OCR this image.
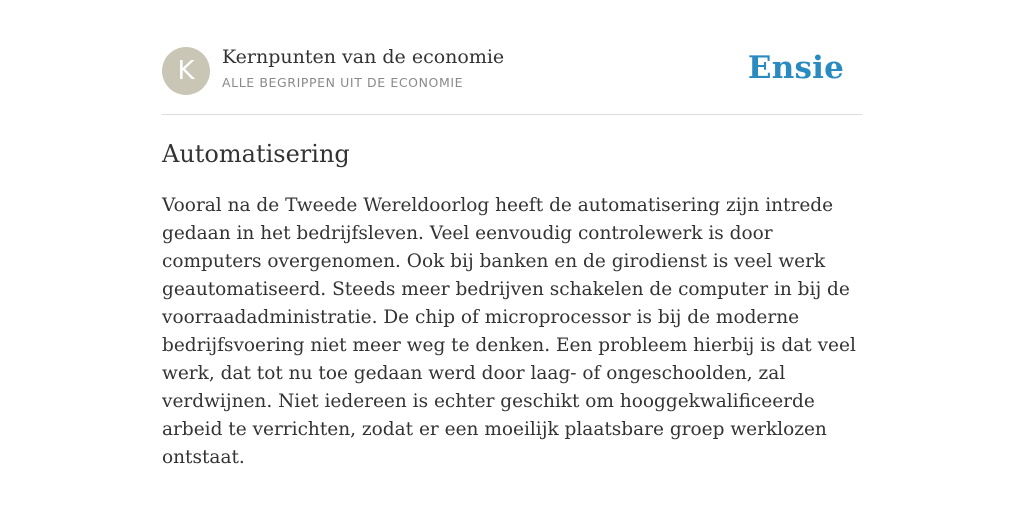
K	Kernpunten van de economie
ALLE BEGRIPPEN UIT DE ECONOMIE	Ensie
Automatisering

Vooral na de Tweede Wereldoorlog heeft de automatisering zijn intrede gedaan in het bedrijfsleven. Veel eenvoudig controlewerk is door computers overgenomen. Ook bij banken en de girodienst is veel werk geautomatiseerd. Steeds meer bedrijven schakelen de computer in bij de voorraadadministratie. De chip of microprocessor is bij de moderne bedrijfsvoering niet meer weg te denken. Een probleem hierbij is dat veel werk, dat tot nu toe gedaan werd door laag- of ongeschoolden, zal verdwijnen. Niet iedereen is echter geschikt om hooggekwalificeerde arbeid te verrichten, zodat er een moeilijk plaatsbare groep werklozen ontstaat.
